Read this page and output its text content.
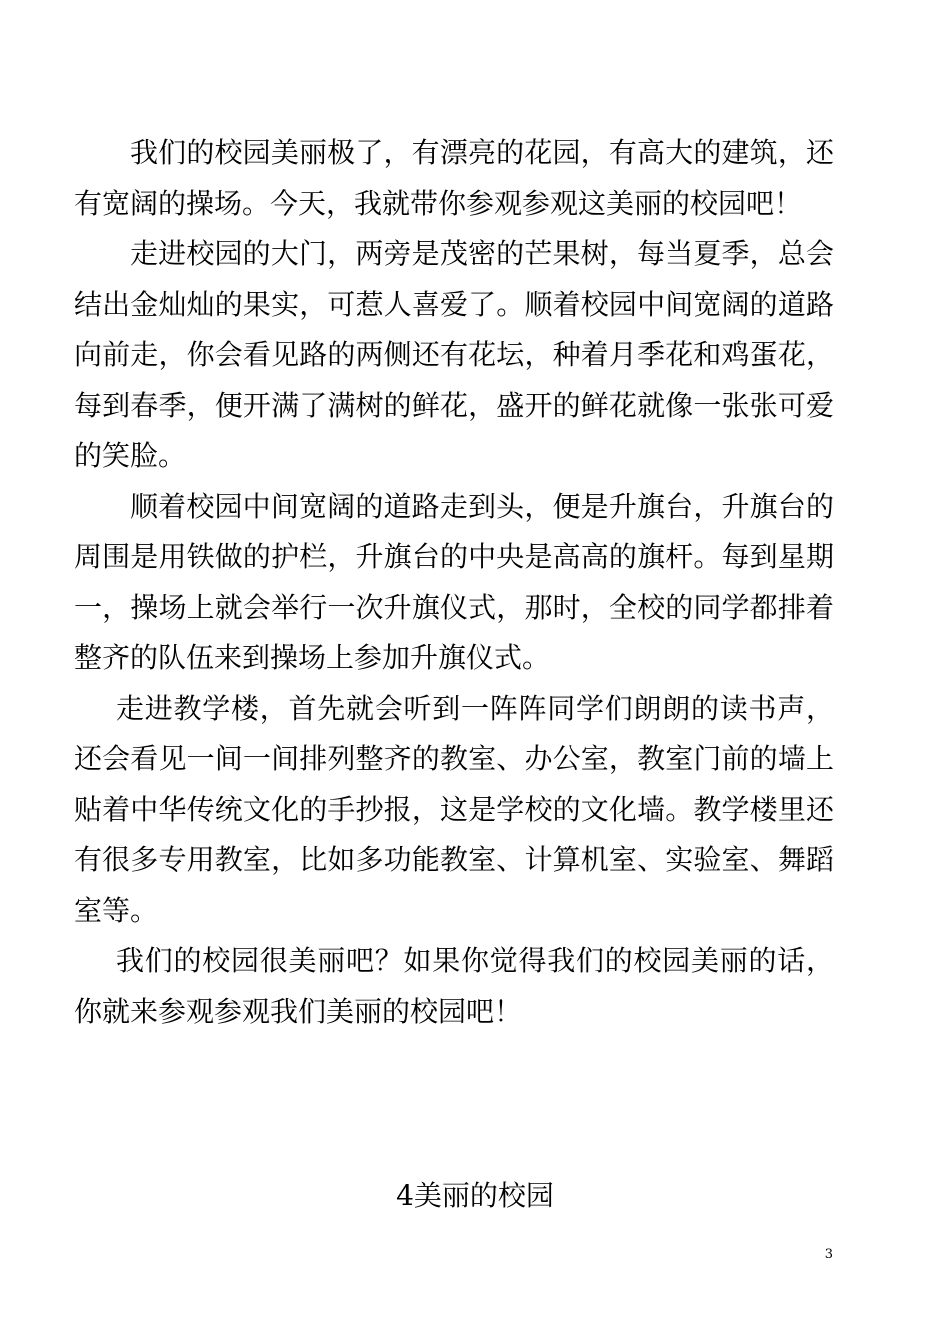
我们的校园美丽极了，有漂亮的花园，有高大的建筑，还有宽阔的操场。今天，我就带你参观参观这美丽的校园吧！

走进校园的大门，两旁是茂密的芒果树，每当夏季，总会结出金灿灿的果实，可惹人喜爱了。顺着校园中间宽阔的道路向前走，你会看见路的两侧还有花坛，种着月季花和鸡蛋花，每到春季，便开满了满树的鲜花，盛开的鲜花就像一张张可爱的笑脸。

顺着校园中间宽阔的道路走到头，便是升旗台，升旗台的周围是用铁做的护栏，升旗台的中央是高高的旗杆。每到星期一，操场上就会举行一次升旗仪式，那时，全校的同学都排着整齐的队伍来到操场上参加升旗仪式。

走进教学楼，首先就会听到一阵阵同学们朗朗的读书声，还会看见一间一间排列整齐的教室、办公室，教室门前的墙上贴着中华传统文化的手抄报，这是学校的文化墙。教学楼里还有很多专用教室，比如多功能教室、计算机室、实验室、舞蹈室等。

我们的校园很美丽吧？如果你觉得我们的校园美丽的话，你就来参观参观我们美丽的校园吧！

4美丽的校园
3
